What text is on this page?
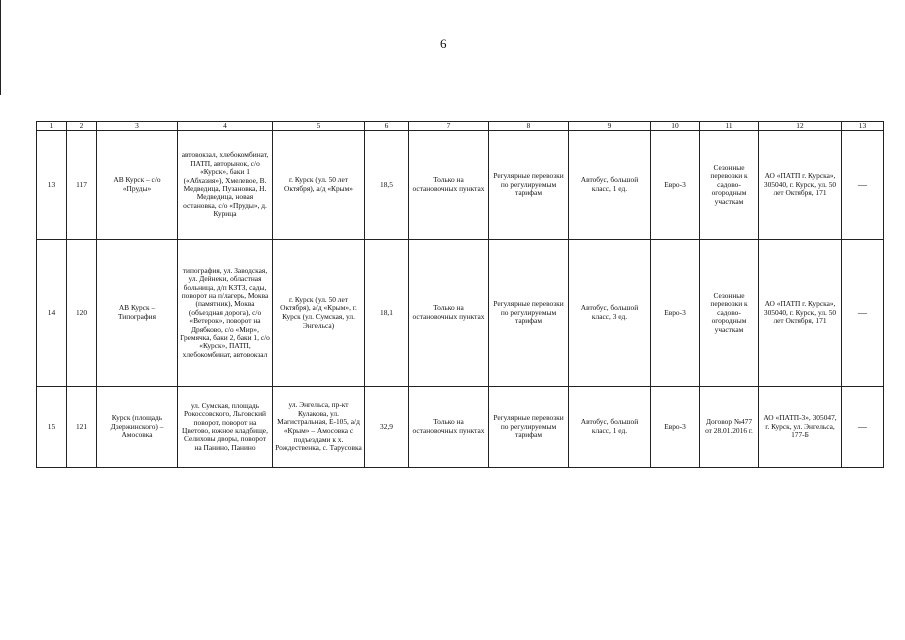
6
1	2	3	4	5	6	7	8	9	10	11	12	13
13	117	АВ Курск – с/о «Пруды»	автовокзал, хлебокомбинат, ПАТП, авторынок, с/о «Курск», баки 1 («Абхазия»), Хмелевое, В. Медведица, Пузановка, Н. Медведица, новая остановка, с/о «Пруды», д. Курица	г. Курск (ул. 50 лет Октября), а/д «Крым»	18,5	Только на остановочных пунктах	Регулярные перевозки по регулируемым тарифам	Автобус, большой класс, 1 ед.	Евро-3	Сезонные перевозки к садово-огородным участкам	АО «ПАТП г. Курска», 305040, г. Курск, ул. 50 лет Октября, 171	—
14	120	АВ Курск – Типография	типография, ул. Заводская, ул. Дейнеки, областная больница, д/п КЗТЗ, сады, поворот на п/лагерь, Моква (памятник), Моква (объездная дорога), с/о «Ветерок», поворот на Дрябково, с/о «Мир», Гремячка, баки 2, баки 1, с/о «Курск», ПАТП, хлебокомбинат, автовокзал	г. Курск (ул. 50 лет Октября), а/д «Крым», г. Курск (ул. Сумская, ул. Энгельса)	18,1	Только на остановочных пунктах	Регулярные перевозки по регулируемым тарифам	Автобус, большой класс, 3 ед.	Евро-3	Сезонные перевозки к садово-огородным участкам	АО «ПАТП г. Курска», 305040, г. Курск, ул. 50 лет Октября, 171	—
15	121	Курск (площадь Дзержинского) – Амосовка	ул. Сумская, площадь Рокоссовского, Льговский поворот, поворот на Цветово, южное кладбище, Селиховы дворы, поворот на Панино, Панино	ул. Энгельса, пр-кт Кулакова, ул. Магистральная, Е-105, а/д «Крым» – Амосовка с подъездами к х. Рождественка, с. Тарусовка	32,9	Только на остановочных пунктах	Регулярные перевозки по регулируемым тарифам	Автобус, большой класс, 1 ед.	Евро-3	Договор №477 от 28.01.2016 г.	АО «ПАТП-3», 305047, г. Курск, ул. Энгельса, 177-Б	—
